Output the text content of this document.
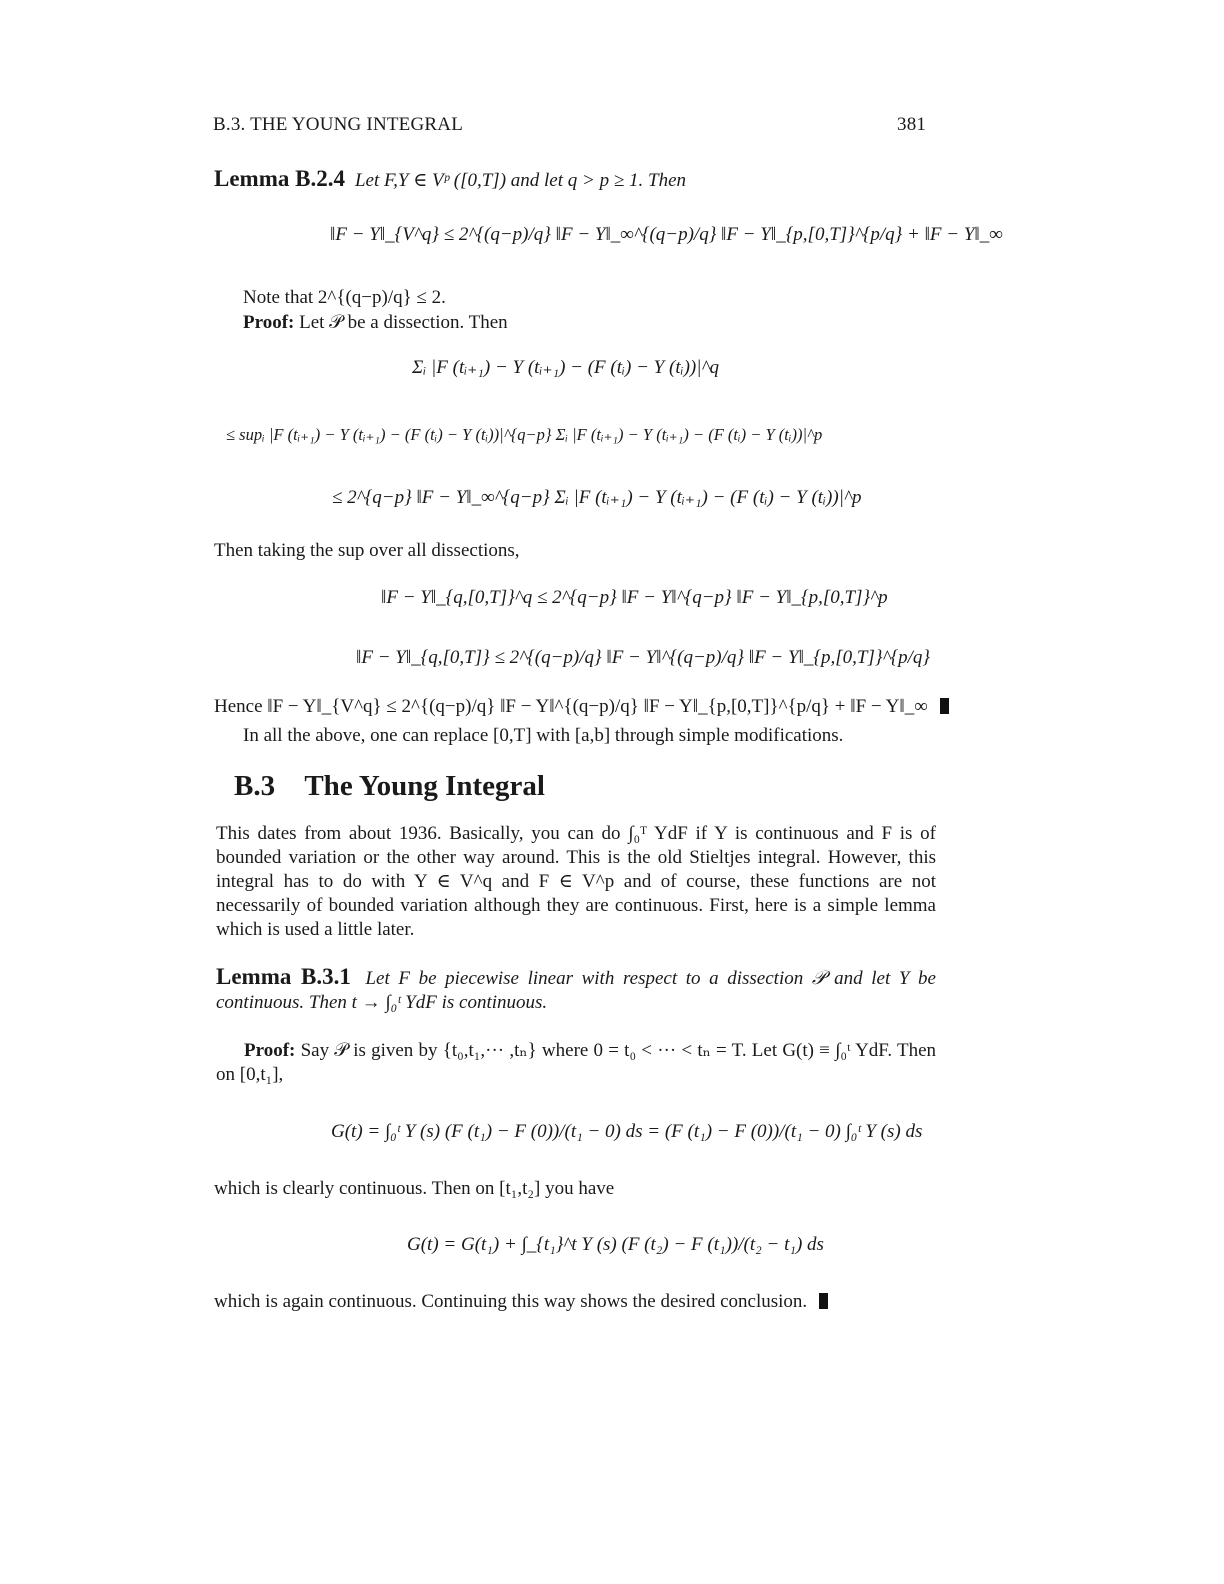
B.3. THE YOUNG INTEGRAL	381
Lemma B.2.4 Let F,Y ∈ Vᵖ ([0,T]) and let q > p ≥ 1. Then
‖F − Y‖_{V^q} ≤ 2^{(q−p)/q} ‖F − Y‖_∞^{(q−p)/q} ‖F − Y‖_{p,[0,T]}^{p/q} + ‖F − Y‖_∞
Note that 2^{(q−p)/q} ≤ 2.
Proof: Let 𝒫 be a dissection. Then
Σᵢ |F (tᵢ₊₁) − Y (tᵢ₊₁) − (F (tᵢ) − Y (tᵢ))|^q
≤ supᵢ |F (tᵢ₊₁) − Y (tᵢ₊₁) − (F (tᵢ) − Y (tᵢ))|^{q−p} Σᵢ |F (tᵢ₊₁) − Y (tᵢ₊₁) − (F (tᵢ) − Y (tᵢ))|^p
≤ 2^{q−p} ‖F − Y‖_∞^{q−p} Σᵢ |F (tᵢ₊₁) − Y (tᵢ₊₁) − (F (tᵢ) − Y (tᵢ))|^p
Then taking the sup over all dissections,
‖F − Y‖_{q,[0,T]}^q ≤ 2^{q−p} ‖F − Y‖^{q−p} ‖F − Y‖_{p,[0,T]}^p
‖F − Y‖_{q,[0,T]} ≤ 2^{(q−p)/q} ‖F − Y‖^{(q−p)/q} ‖F − Y‖_{p,[0,T]}^{p/q}
Hence ‖F − Y‖_{V^q} ≤ 2^{(q−p)/q} ‖F − Y‖^{(q−p)/q} ‖F − Y‖_{p,[0,T]}^{p/q} + ‖F − Y‖_∞
In all the above, one can replace [0,T] with [a,b] through simple modifications.
B.3 The Young Integral
This dates from about 1936. Basically, you can do ∫₀ᵀ YdF if Y is continuous and F is of bounded variation or the other way around. This is the old Stieltjes integral. However, this integral has to do with Y ∈ V^q and F ∈ V^p and of course, these functions are not necessarily of bounded variation although they are continuous. First, here is a simple lemma which is used a little later.
Lemma B.3.1 Let F be piecewise linear with respect to a dissection 𝒫 and let Y be continuous. Then t → ∫₀ᵗ YdF is continuous.
Proof: Say 𝒫 is given by {t₀,t₁,··· ,tₙ} where 0 = t₀ < ··· < tₙ = T. Let G(t) ≡ ∫₀ᵗ YdF. Then on [0,t₁],
G(t) = ∫₀ᵗ Y (s) (F (t₁) − F (0))/(t₁ − 0) ds = (F (t₁) − F (0))/(t₁ − 0) ∫₀ᵗ Y (s) ds
which is clearly continuous. Then on [t₁,t₂] you have
G(t) = G(t₁) + ∫_{t₁}^t Y (s) (F (t₂) − F (t₁))/(t₂ − t₁) ds
which is again continuous. Continuing this way shows the desired conclusion.
